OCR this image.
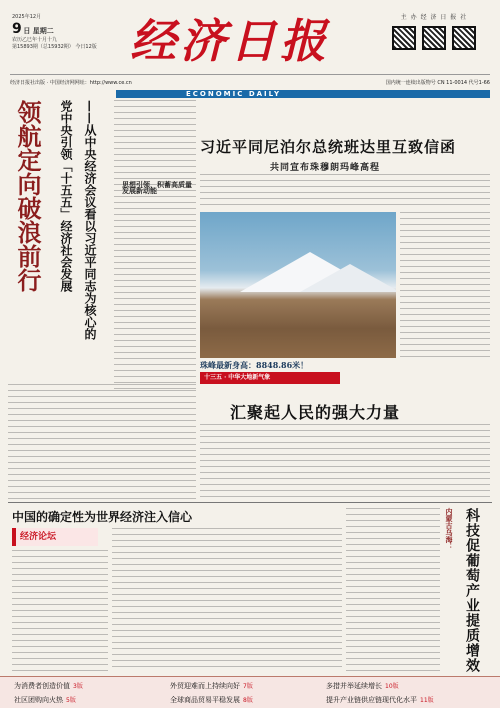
2025年12月
9 日 星期二
农历乙巳年十月十九
第15893期（总15932期） 今日12版 经济日报	主 办 经 济 日 报 社
经济日报社出版 · 中国经济网网址：http://www.ce.cn	国内统一连续出版物号 CN 11-0014 代号1-66
ECONOMIC DAILY
领航定向破浪前行	党中央引领「十五五」经济社会发展 ——从中央经济会议看以习近平同志为核心的	思想引领，积蓄高质量发展新动能
习近平同尼泊尔总统班达里互致信函
共同宣布珠穆朗玛峰高程
珠峰最新身高：8848.86米！
十三五 · 中华大地新气象
汇聚起人民的强大力量
中国的确定性为世界经济注入信心
经济论坛	内蒙古乌海： 科技促葡萄产业提质增效
为消费者创造价值 3版	外贸迎难而上持续向好 7版	多措并举延续增长 10版
社区团购向火热 5版	全球商品贸易平稳发展 8版	提升产业链供应链现代化水平 11版
